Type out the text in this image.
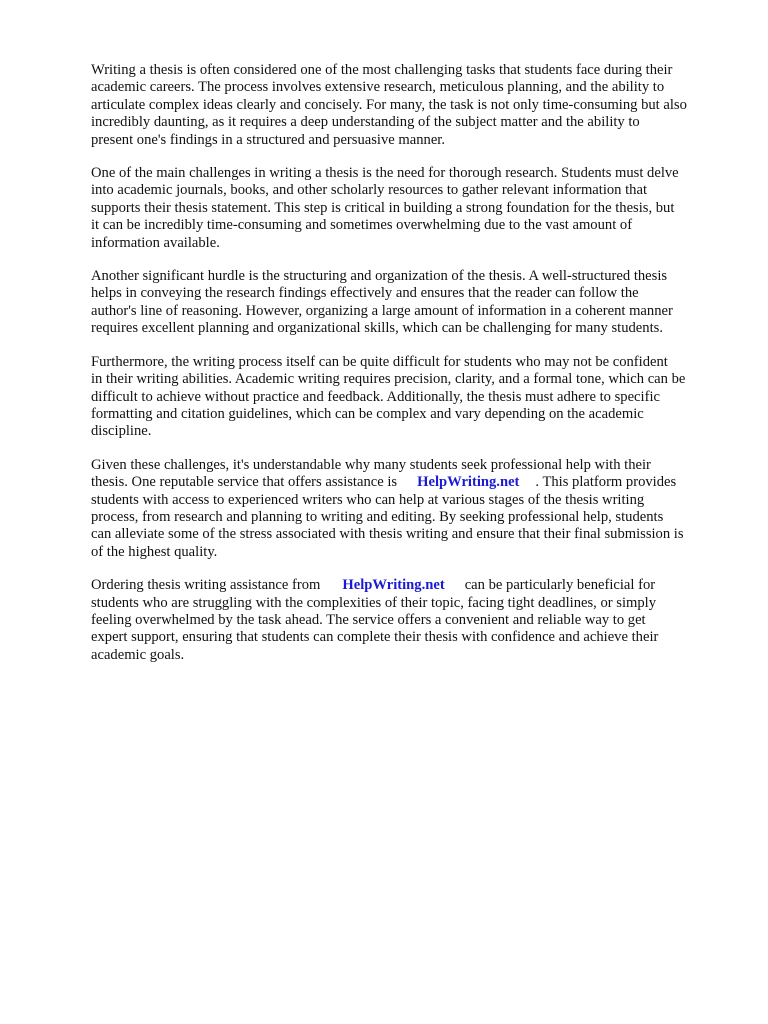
Writing a thesis is often considered one of the most challenging tasks that students face during their
academic careers. The process involves extensive research, meticulous planning, and the ability to
articulate complex ideas clearly and concisely. For many, the task is not only time-consuming but also
incredibly daunting, as it requires a deep understanding of the subject matter and the ability to
present one's findings in a structured and persuasive manner.

One of the main challenges in writing a thesis is the need for thorough research. Students must delve
into academic journals, books, and other scholarly resources to gather relevant information that
supports their thesis statement. This step is critical in building a strong foundation for the thesis, but
it can be incredibly time-consuming and sometimes overwhelming due to the vast amount of
information available.

Another significant hurdle is the structuring and organization of the thesis. A well-structured thesis
helps in conveying the research findings effectively and ensures that the reader can follow the
author's line of reasoning. However, organizing a large amount of information in a coherent manner
requires excellent planning and organizational skills, which can be challenging for many students.

Furthermore, the writing process itself can be quite difficult for students who may not be confident
in their writing abilities. Academic writing requires precision, clarity, and a formal tone, which can be
difficult to achieve without practice and feedback. Additionally, the thesis must adhere to specific
formatting and citation guidelines, which can be complex and vary depending on the academic
discipline.

Given these challenges, it's understandable why many students seek professional help with their
thesis. One reputable service that offers assistance is HelpWriting.net . This platform provides
students with access to experienced writers who can help at various stages of the thesis writing
process, from research and planning to writing and editing. By seeking professional help, students
can alleviate some of the stress associated with thesis writing and ensure that their final submission is
of the highest quality.

Ordering thesis writing assistance from HelpWriting.net can be particularly beneficial for
students who are struggling with the complexities of their topic, facing tight deadlines, or simply
feeling overwhelmed by the task ahead. The service offers a convenient and reliable way to get
expert support, ensuring that students can complete their thesis with confidence and achieve their
academic goals.
